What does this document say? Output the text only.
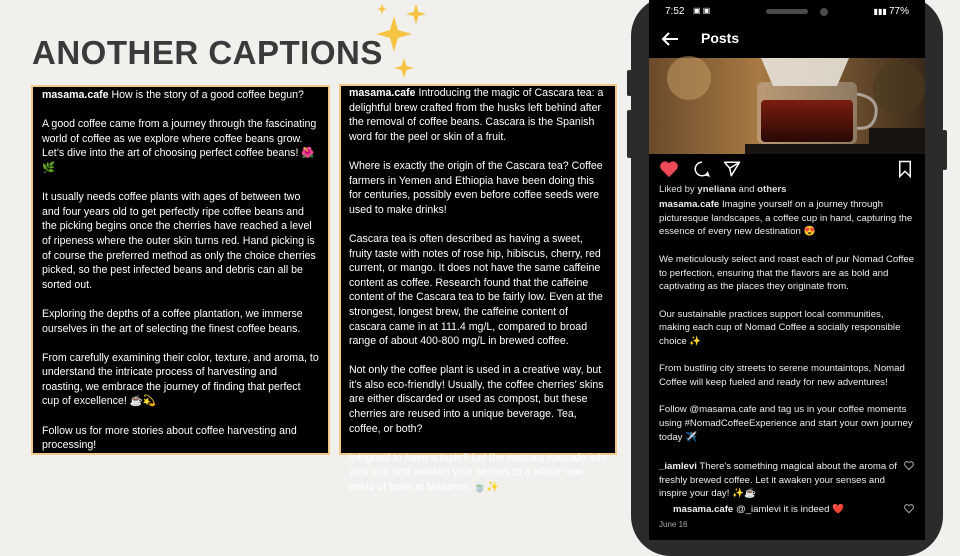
ANOTHER CAPTIONS

masama.cafe How is the story of a good coffee begun?

A good coffee came from a journey through the fascinating world of coffee as we explore where coffee beans grow. Let’s dive into the art of choosing perfect coffee beans! 🌺🌿

It usually needs coffee plants with ages of between two and four years old to get perfectly ripe coffee beans and the picking begins once the cherries have reached a level of ripeness where the outer skin turns red. Hand picking is of course the preferred method as only the choice cherries picked, so the pest infected beans and debris can all be sorted out.

Exploring the depths of a coffee plantation, we immerse ourselves in the art of selecting the finest coffee beans.

From carefully examining their color, texture, and aroma, to understand the intricate process of harvesting and roasting, we embrace the journey of finding that perfect cup of excellence! ☕💫

Follow us for more stories about coffee harvesting and processing!

masama.cafe Introducing the magic of Cascara tea: a delightful brew crafted from the husks left behind after the removal of coffee beans. Cascara is the Spanish word for the peel or skin of a fruit.

Where is exactly the origin of the Cascara tea? Coffee farmers in Yemen and Ethiopia have been doing this for centuries, possibly even before coffee seeds were used to make drinks!

Cascara tea is often described as having a sweet, fruity taste with notes of rose hip, hibiscus, cherry, red current, or mango. It does not have the same caffeine content as coffee. Research found that the caffeine content of the Cascara tea to be fairly low. Even at the strongest, longest brew, the caffeine content of cascara came in at 111.4 mg/L, compared to broad range of about 400-800 mg/L in brewed coffee.

Not only the coffee plant is used in a creative way, but it’s also eco-friendly! Usually, the coffee cherries’ skins are either discarded or used as compost, but these cherries are reused into a unique beverage. Tea, coffee, or both?

Intrigued to have a taste? Let the cascara cascade into your cup and awaken your senses to a whole new world of taste at Masama! 🍵✨

7:52 ▣ ▣	▮▮▮ 77%
Posts
Liked by yneliana and others

masama.cafe Imagine yourself on a journey through picturesque landscapes, a coffee cup in hand, capturing the essence of every new destination 😍

We meticulously select and roast each of pur Nomad Coffee to perfection, ensuring that the flavors are as bold and captivating as the places they originate from.

Our sustainable practices support local communities, making each cup of Nomad Coffee a socially responsible choice ✨

From bustling city streets to serene mountaintops, Nomad Coffee will keep fueled and ready for new adventures!

Follow @masama.cafe and tag us in your coffee moments using #NomadCoffeeExperience and start your own journey today ✈️

_iamlevi There's something magical about the aroma of freshly brewed coffee. Let it awaken your senses and inspire your day! ✨☕
masama.cafe @_iamlevi it is indeed ❤️
June 16
